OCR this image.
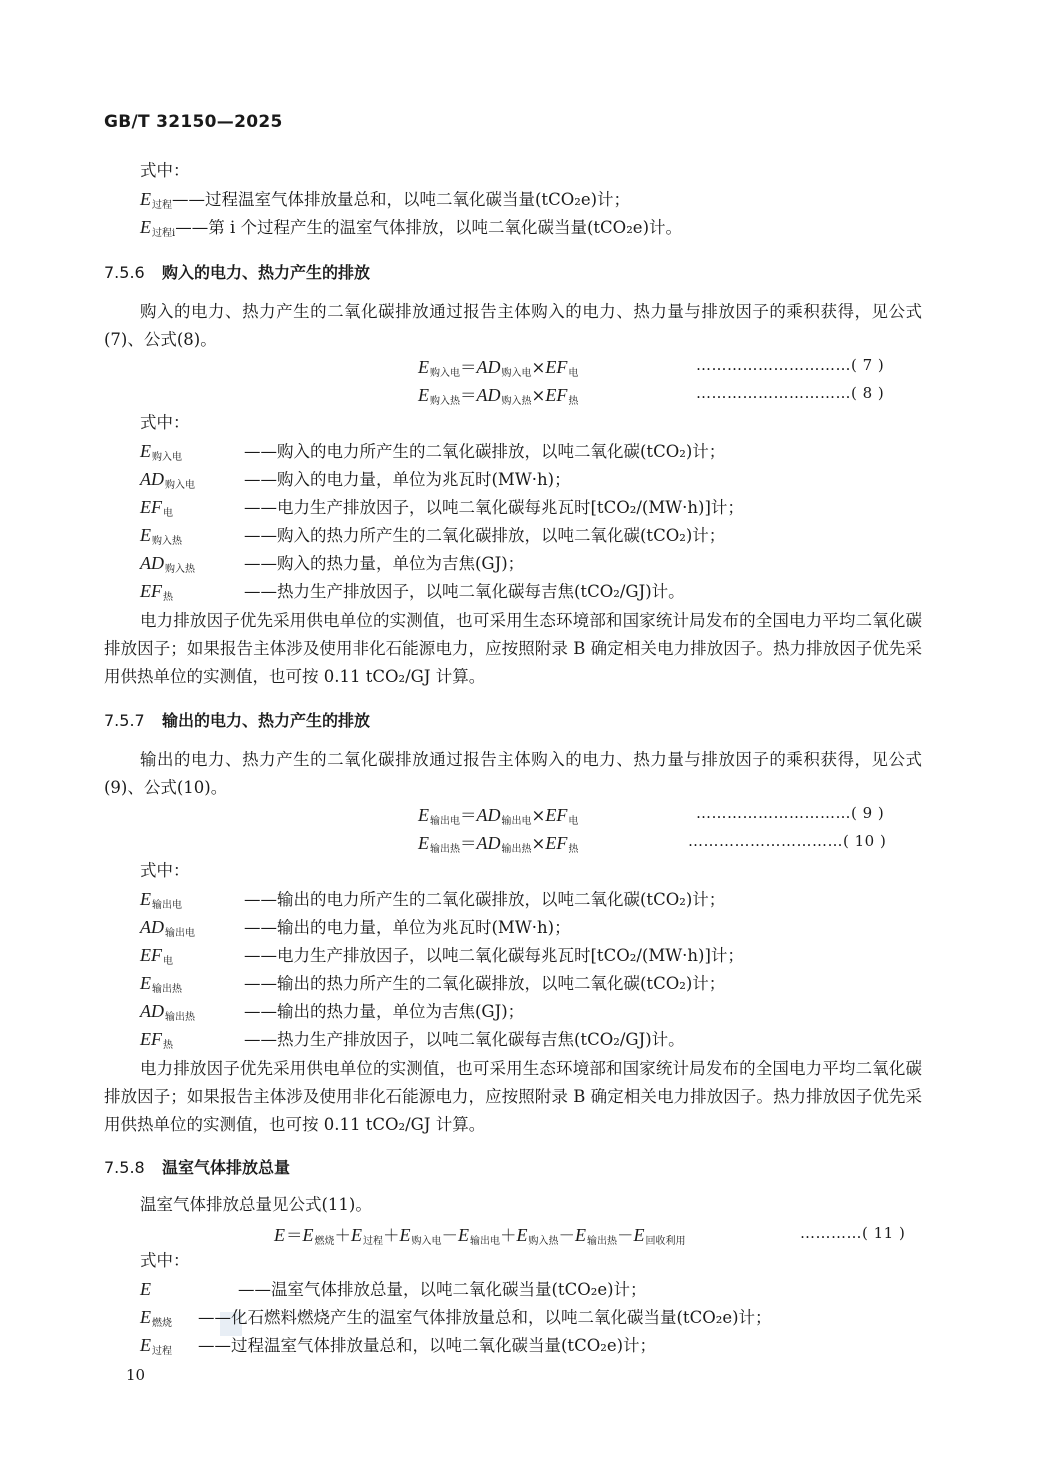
GB/T 32150—2025
式中：
E过程——过程温室气体排放量总和，以吨二氧化碳当量(tCO₂e)计；
E过程i——第 i 个过程产生的温室气体排放，以吨二氧化碳当量(tCO₂e)计。
7.5.6 购入的电力、热力产生的排放
购入的电力、热力产生的二氧化碳排放通过报告主体购入的电力、热力量与排放因子的乘积获得，见公式(7)、公式(8)。
E购入电＝AD购入电×EF电	…………………………( 7 )
E购入热＝AD购入热×EF热	…………………………( 8 )
式中：
E购入电	——购入的电力所产生的二氧化碳排放，以吨二氧化碳(tCO₂)计；
AD购入电	——购入的电力量，单位为兆瓦时(MW·h)；
EF电	——电力生产排放因子，以吨二氧化碳每兆瓦时[tCO₂/(MW·h)]计；
E购入热	——购入的热力所产生的二氧化碳排放，以吨二氧化碳(tCO₂)计；
AD购入热	——购入的热力量，单位为吉焦(GJ)；
EF热	——热力生产排放因子，以吨二氧化碳每吉焦(tCO₂/GJ)计。
电力排放因子优先采用供电单位的实测值，也可采用生态环境部和国家统计局发布的全国电力平均二氧化碳排放因子；如果报告主体涉及使用非化石能源电力，应按照附录 B 确定相关电力排放因子。热力排放因子优先采用供热单位的实测值，也可按 0.11 tCO₂/GJ 计算。
7.5.7 输出的电力、热力产生的排放
输出的电力、热力产生的二氧化碳排放通过报告主体购入的电力、热力量与排放因子的乘积获得，见公式(9)、公式(10)。
E输出电＝AD输出电×EF电	…………………………( 9 )
E输出热＝AD输出热×EF热	…………………………( 10 )
式中：
E输出电	——输出的电力所产生的二氧化碳排放，以吨二氧化碳(tCO₂)计；
AD输出电	——输出的电力量，单位为兆瓦时(MW·h)；
EF电	——电力生产排放因子，以吨二氧化碳每兆瓦时[tCO₂/(MW·h)]计；
E输出热	——输出的热力所产生的二氧化碳排放，以吨二氧化碳(tCO₂)计；
AD输出热	——输出的热力量，单位为吉焦(GJ)；
EF热	——热力生产排放因子，以吨二氧化碳每吉焦(tCO₂/GJ)计。
电力排放因子优先采用供电单位的实测值，也可采用生态环境部和国家统计局发布的全国电力平均二氧化碳排放因子；如果报告主体涉及使用非化石能源电力，应按照附录 B 确定相关电力排放因子。热力排放因子优先采用供热单位的实测值，也可按 0.11 tCO₂/GJ 计算。
7.5.8 温室气体排放总量
温室气体排放总量见公式(11)。
E＝E燃烧＋E过程＋E购入电－E输出电＋E购入热－E输出热－E回收利用	…………( 11 )
式中：
E	——温室气体排放总量，以吨二氧化碳当量(tCO₂e)计；
E燃烧 ——化石燃料燃烧产生的温室气体排放量总和，以吨二氧化碳当量(tCO₂e)计；
E过程 ——过程温室气体排放量总和，以吨二氧化碳当量(tCO₂e)计；
10
